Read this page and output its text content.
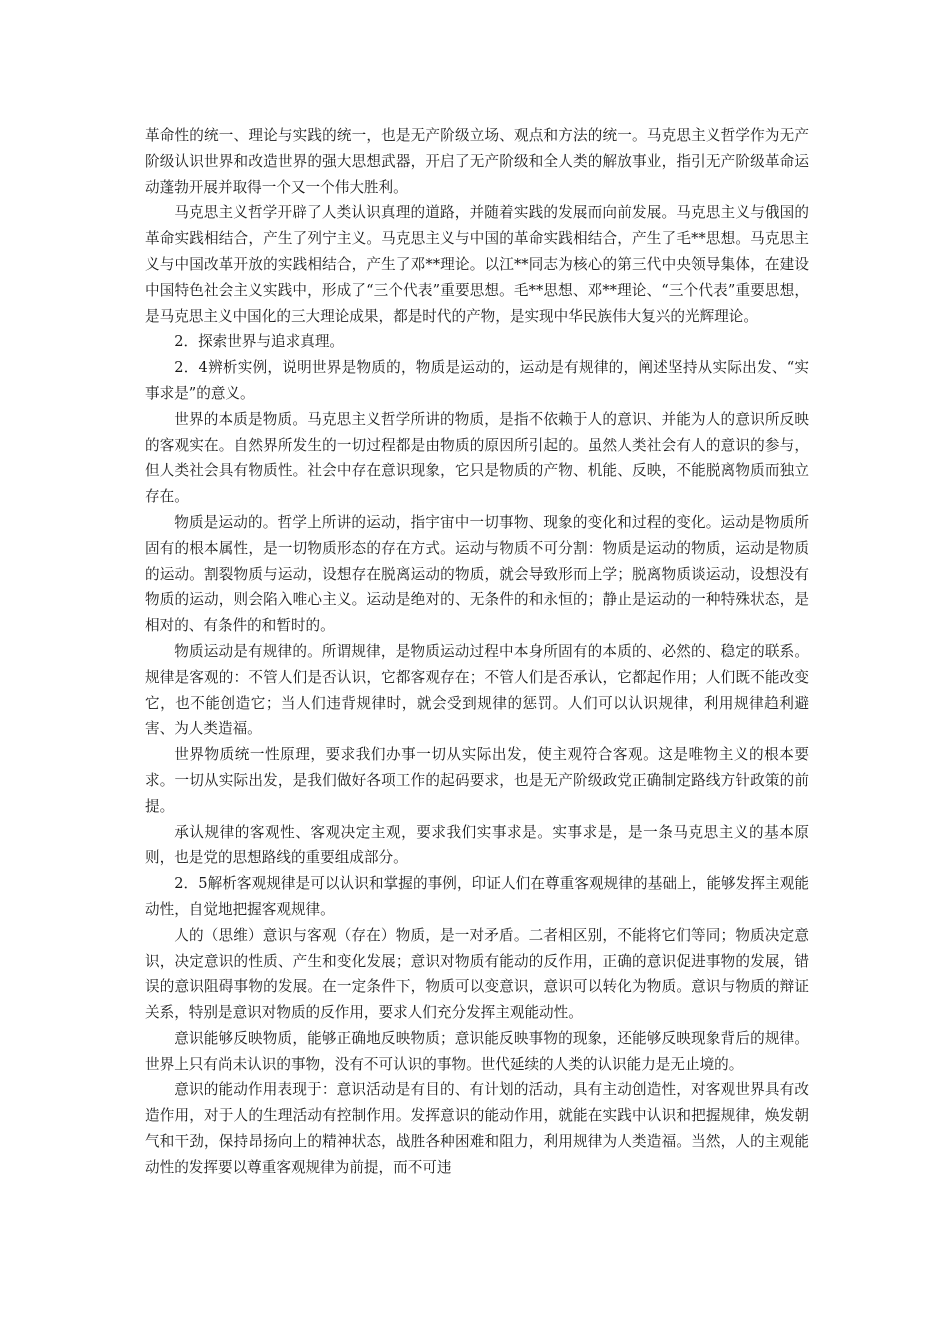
革命性的统一、理论与实践的统一，也是无产阶级立场、观点和方法的统一。马克思主义哲学作为无产阶级认识世界和改造世界的强大思想武器，开启了无产阶级和全人类的解放事业，指引无产阶级革命运动蓬勃开展并取得一个又一个伟大胜利。

马克思主义哲学开辟了人类认识真理的道路，并随着实践的发展而向前发展。马克思主义与俄国的革命实践相结合，产生了列宁主义。马克思主义与中国的革命实践相结合，产生了毛**思想。马克思主义与中国改革开放的实践相结合，产生了邓**理论。以江**同志为核心的第三代中央领导集体，在建设中国特色社会主义实践中，形成了“三个代表”重要思想。毛**思想、邓**理论、“三个代表”重要思想，是马克思主义中国化的三大理论成果，都是时代的产物，是实现中华民族伟大复兴的光辉理论。

2．探索世界与追求真理。

2．4辨析实例，说明世界是物质的，物质是运动的，运动是有规律的，阐述坚持从实际出发、“实事求是”的意义。

世界的本质是物质。马克思主义哲学所讲的物质，是指不依赖于人的意识、并能为人的意识所反映的客观实在。自然界所发生的一切过程都是由物质的原因所引起的。虽然人类社会有人的意识的参与，但人类社会具有物质性。社会中存在意识现象，它只是物质的产物、机能、反映，不能脱离物质而独立存在。

物质是运动的。哲学上所讲的运动，指宇宙中一切事物、现象的变化和过程的变化。运动是物质所固有的根本属性，是一切物质形态的存在方式。运动与物质不可分割：物质是运动的物质，运动是物质的运动。割裂物质与运动，设想存在脱离运动的物质，就会导致形而上学；脱离物质谈运动，设想没有物质的运动，则会陷入唯心主义。运动是绝对的、无条件的和永恒的；静止是运动的一种特殊状态，是相对的、有条件的和暂时的。

物质运动是有规律的。所谓规律，是物质运动过程中本身所固有的本质的、必然的、稳定的联系。规律是客观的：不管人们是否认识，它都客观存在；不管人们是否承认，它都起作用；人们既不能改变它，也不能创造它；当人们违背规律时，就会受到规律的惩罚。人们可以认识规律，利用规律趋利避害、为人类造福。

世界物质统一性原理，要求我们办事一切从实际出发，使主观符合客观。这是唯物主义的根本要求。一切从实际出发，是我们做好各项工作的起码要求，也是无产阶级政党正确制定路线方针政策的前提。

承认规律的客观性、客观决定主观，要求我们实事求是。实事求是，是一条马克思主义的基本原则，也是党的思想路线的重要组成部分。

2．5解析客观规律是可以认识和掌握的事例，印证人们在尊重客观规律的基础上，能够发挥主观能动性，自觉地把握客观规律。

人的（思维）意识与客观（存在）物质，是一对矛盾。二者相区别，不能将它们等同；物质决定意识，决定意识的性质、产生和变化发展；意识对物质有能动的反作用，正确的意识促进事物的发展，错误的意识阻碍事物的发展。在一定条件下，物质可以变意识，意识可以转化为物质。意识与物质的辩证关系，特别是意识对物质的反作用，要求人们充分发挥主观能动性。

意识能够反映物质，能够正确地反映物质；意识能反映事物的现象，还能够反映现象背后的规律。世界上只有尚未认识的事物，没有不可认识的事物。世代延续的人类的认识能力是无止境的。

意识的能动作用表现于：意识活动是有目的、有计划的活动，具有主动创造性，对客观世界具有改造作用，对于人的生理活动有控制作用。发挥意识的能动作用，就能在实践中认识和把握规律，焕发朝气和干劲，保持昂扬向上的精神状态，战胜各种困难和阻力，利用规律为人类造福。当然，人的主观能动性的发挥要以尊重客观规律为前提，而不可违
